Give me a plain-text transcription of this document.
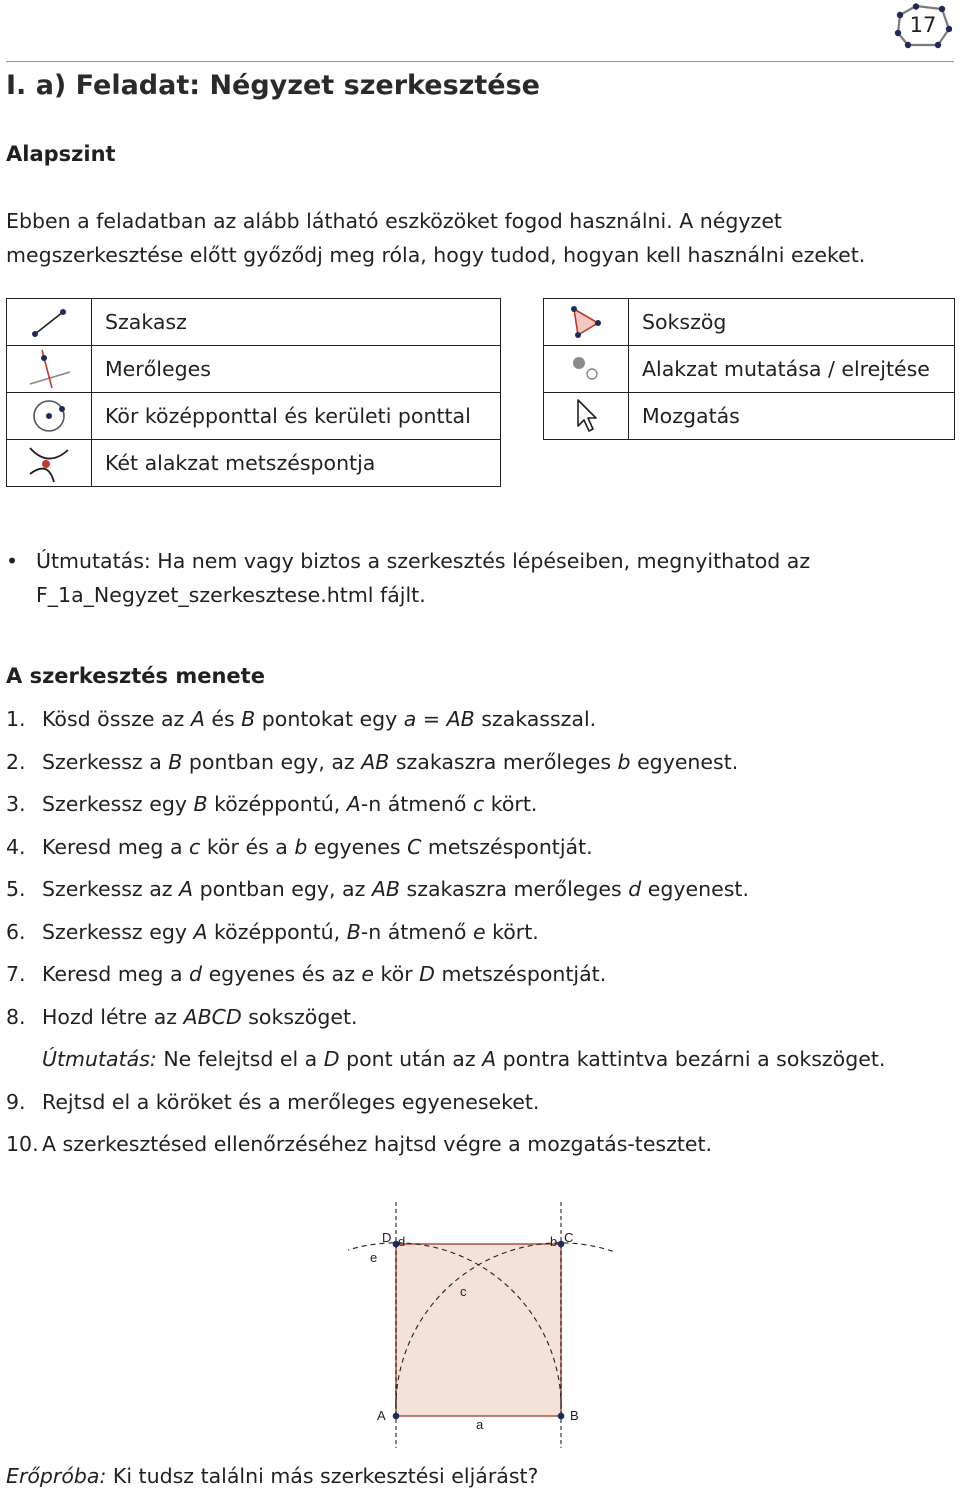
17
I. a) Feladat: Négyzet szerkesztése
Alapszint
Ebben a feladatban az alább látható eszközöket fogod használni. A négyzet megszerkesztése előtt győződj meg róla, hogy tudod, hogyan kell használni ezeket.
	Szakasz

	Merőleges

	Kör középponttal és kerületi ponttal

	Két alakzat metszéspontja
	Sokszög

	Alakzat mutatása / elrejtése

	Mozgatás
• Útmutatás: Ha nem vagy biztos a szerkesztés lépéseiben, megnyithatod az F_1a_Negyzet_szerkesztese.html fájlt.
A szerkesztés menete
1. Kösd össze az A és B pontokat egy a = AB szakasszal.
2. Szerkessz a B pontban egy, az AB szakaszra merőleges b egyenest.
3. Szerkessz egy B középpontú, A-n átmenő c kört.
4. Keresd meg a c kör és a b egyenes C metszéspontját.
5. Szerkessz az A pontban egy, az AB szakaszra merőleges d egyenest.
6. Szerkessz egy A középpontú, B-n átmenő e kört.
7. Keresd meg a d egyenes és az e kör D metszéspontját.
8. Hozd létre az ABCD sokszöget.
Útmutatás: Ne felejtsd el a D pont után az A pontra kattintva bezárni a sokszöget.
9. Rejtsd el a köröket és a merőleges egyeneseket.
10. A szerkesztésed ellenőrzéséhez hajtsd végre a mozgatás-tesztet.
A	B
C
D
a
b
c
d
e
Erőpróba: Ki tudsz találni más szerkesztési eljárást?
